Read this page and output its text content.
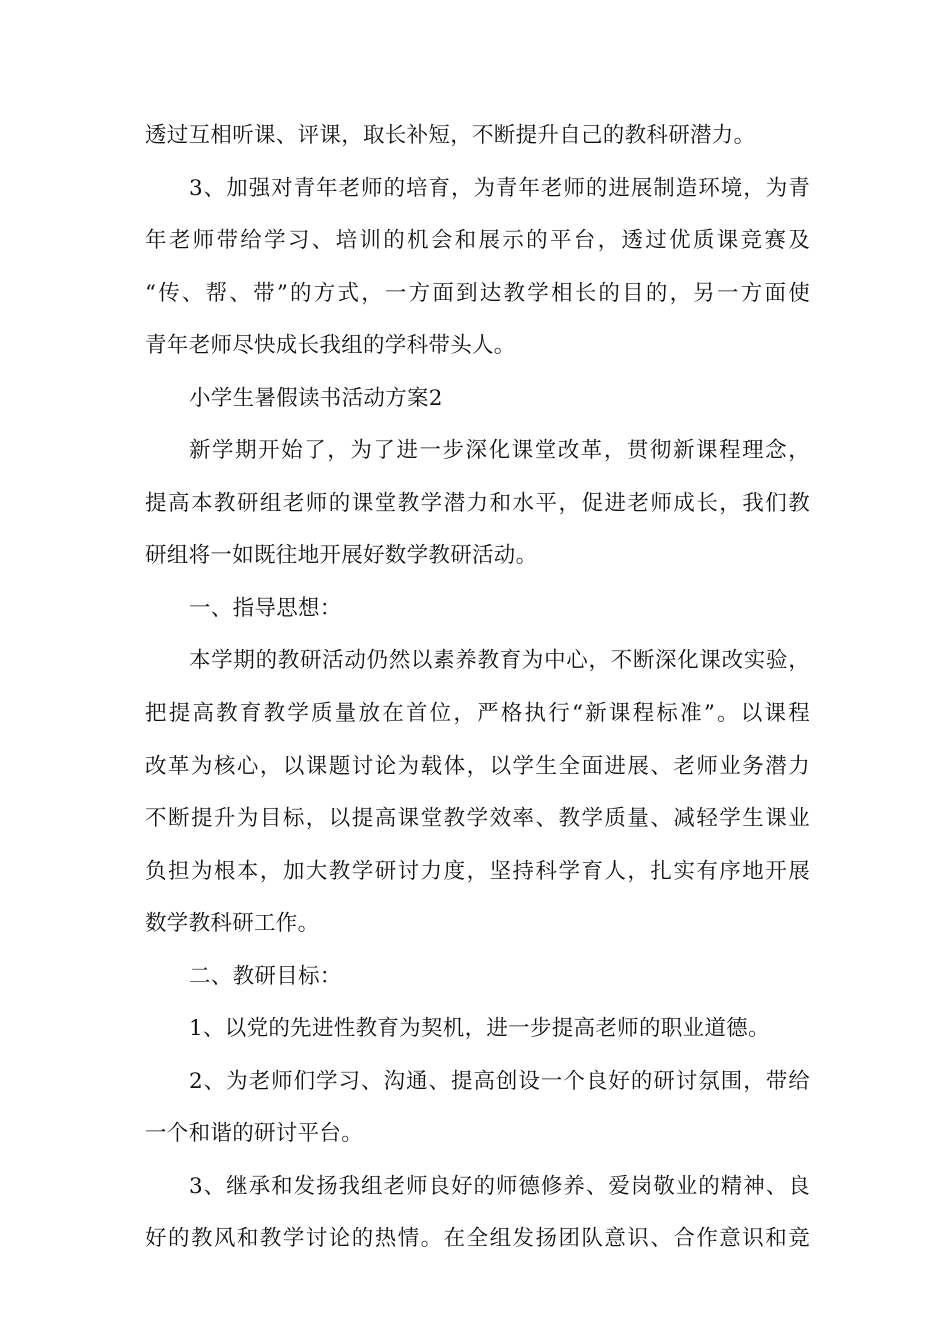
透过互相听课、评课，取长补短，不断提升自己的教科研潜力。
3、加强对青年老师的培育，为青年老师的进展制造环境，为青
年老师带给学习、培训的机会和展示的平台，透过优质课竞赛及
“传、帮、带”的方式，一方面到达教学相长的目的，另一方面使
青年老师尽快成长我组的学科带头人。
小学生暑假读书活动方案2
新学期开始了，为了进一步深化课堂改革，贯彻新课程理念，
提高本教研组老师的课堂教学潜力和水平，促进老师成长，我们教
研组将一如既往地开展好数学教研活动。
一、指导思想：
本学期的教研活动仍然以素养教育为中心，不断深化课改实验，
把提高教育教学质量放在首位，严格执行“新课程标准”。以课程
改革为核心，以课题讨论为载体，以学生全面进展、老师业务潜力
不断提升为目标，以提高课堂教学效率、教学质量、减轻学生课业
负担为根本，加大教学研讨力度，坚持科学育人，扎实有序地开展
数学教科研工作。
二、教研目标：
1、以党的先进性教育为契机，进一步提高老师的职业道德。
2、为老师们学习、沟通、提高创设一个良好的研讨氛围，带给
一个和谐的研讨平台。
3、继承和发扬我组老师良好的师德修养、爱岗敬业的精神、良
好的教风和教学讨论的热情。在全组发扬团队意识、合作意识和竞
